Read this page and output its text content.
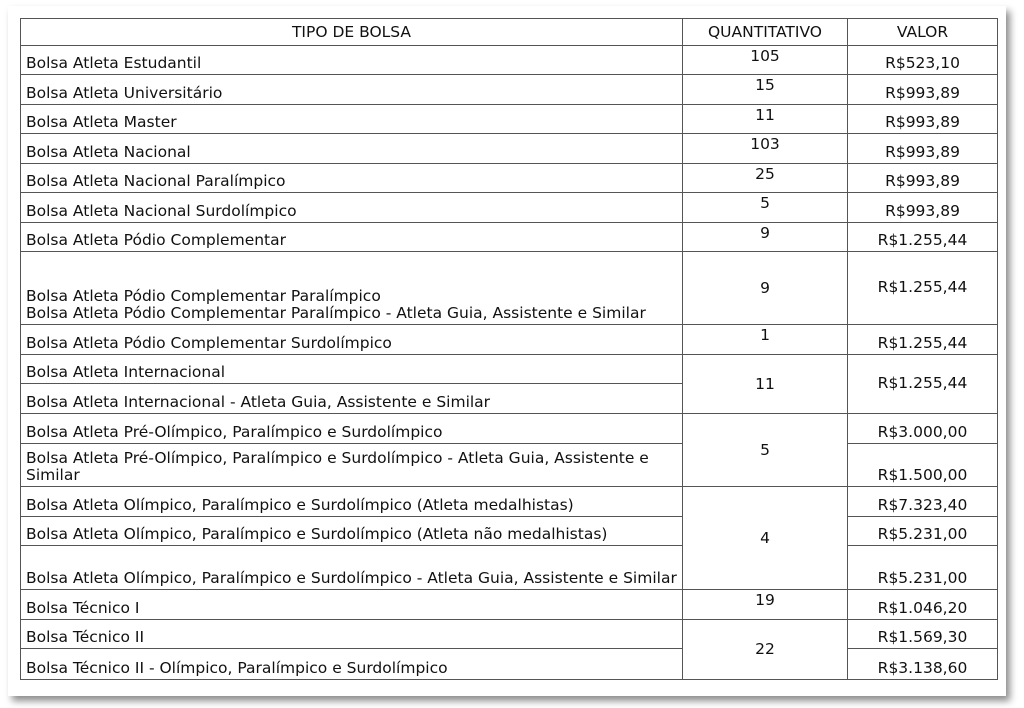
TIPO DE BOLSA	QUANTITATIVO	VALOR
Bolsa Atleta Estudantil	105	R$523,10
Bolsa Atleta Universitário	15	R$993,89
Bolsa Atleta Master	11	R$993,89
Bolsa Atleta Nacional	103	R$993,89
Bolsa Atleta Nacional Paralímpico	25	R$993,89
Bolsa Atleta Nacional Surdolímpico	5	R$993,89
Bolsa Atleta Pódio Complementar	9	R$1.255,44

Bolsa Atleta Pódio Complementar Paralímpico
Bolsa Atleta Pódio Complementar Paralímpico - Atleta Guia, Assistente e Similar	9	R$1.255,44
Bolsa Atleta Pódio Complementar Surdolímpico	1	R$1.255,44
Bolsa Atleta Internacional	11	R$1.255,44
Bolsa Atleta Internacional - Atleta Guia, Assistente e Similar		
Bolsa Atleta Pré-Olímpico, Paralímpico e Surdolímpico	5	R$3.000,00
Bolsa Atleta Pré-Olímpico, Paralímpico e Surdolímpico - Atleta Guia, Assistente e Similar		R$1.500,00
Bolsa Atleta Olímpico, Paralímpico e Surdolímpico (Atleta medalhistas)	4	R$7.323,40
Bolsa Atleta Olímpico, Paralímpico e Surdolímpico (Atleta não medalhistas)		R$5.231,00
Bolsa Atleta Olímpico, Paralímpico e Surdolímpico - Atleta Guia, Assistente e Similar		R$5.231,00
Bolsa Técnico I	19	R$1.046,20
Bolsa Técnico II	22	R$1.569,30
Bolsa Técnico II - Olímpico, Paralímpico e Surdolímpico		R$3.138,60
